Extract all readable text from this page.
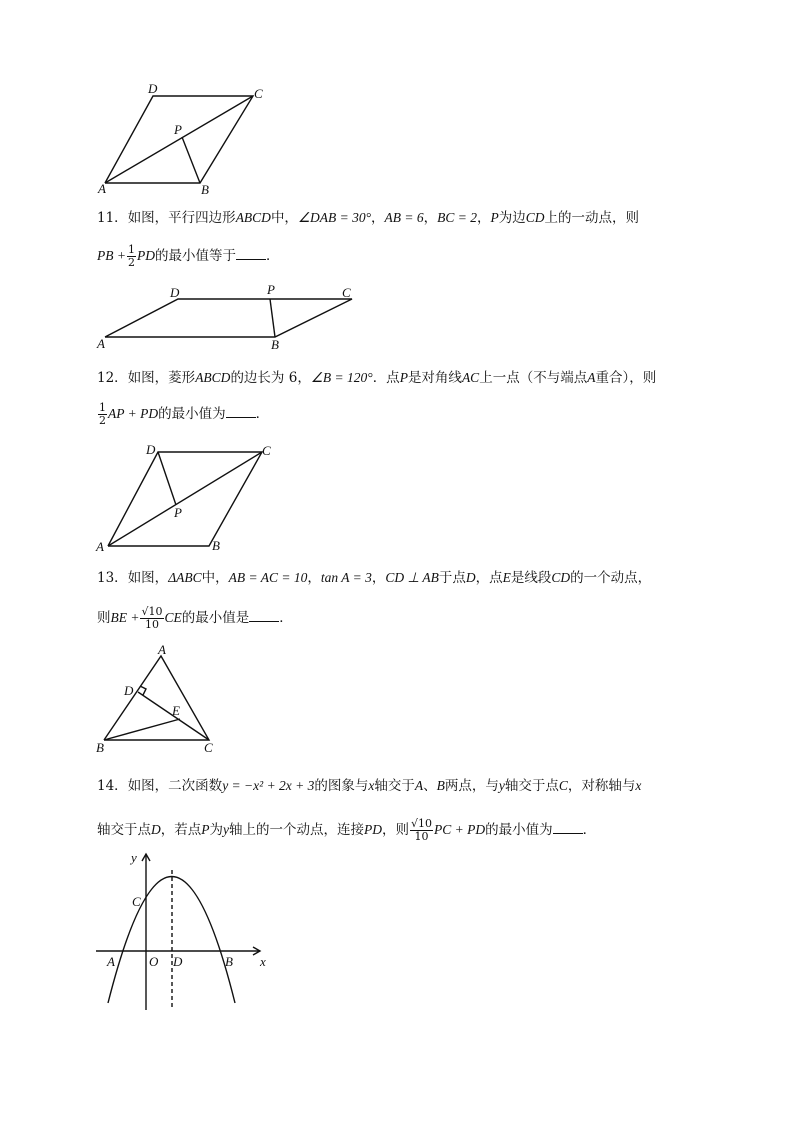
D	C
P
A	B
11．如图，平行四边形ABCD中，∠DAB = 30°，AB = 6，BC = 2，P为边CD上的一动点，则
PB + $\frac{1}{2}$ PD的最小值等于 ．
D	P	C
A	B
12．如图，菱形ABCD的边长为 6，∠B = 120°．点P是对角线AC上一点（不与端点A重合），则
$\frac{1}{2}$ AP + PD的最小值为 ．
D	C
P
A	B
13．如图，ΔABC中，AB = AC = 10，tan A = 3，CD ⊥ AB于点D，点E是线段CD的一个动点，
则BE + $\frac{√10}{10}$ CE的最小值是 ．
A
D
E
B	C
14．如图，二次函数y = −x² + 2x + 3的图象与x轴交于A、B两点，与y轴交于点C，对称轴与x
轴交于点D，若点P为y轴上的一个动点，连接PD，则 $\frac{√10}{10}$ PC + PD的最小值为 ．
y
x
C
A	O D	B
